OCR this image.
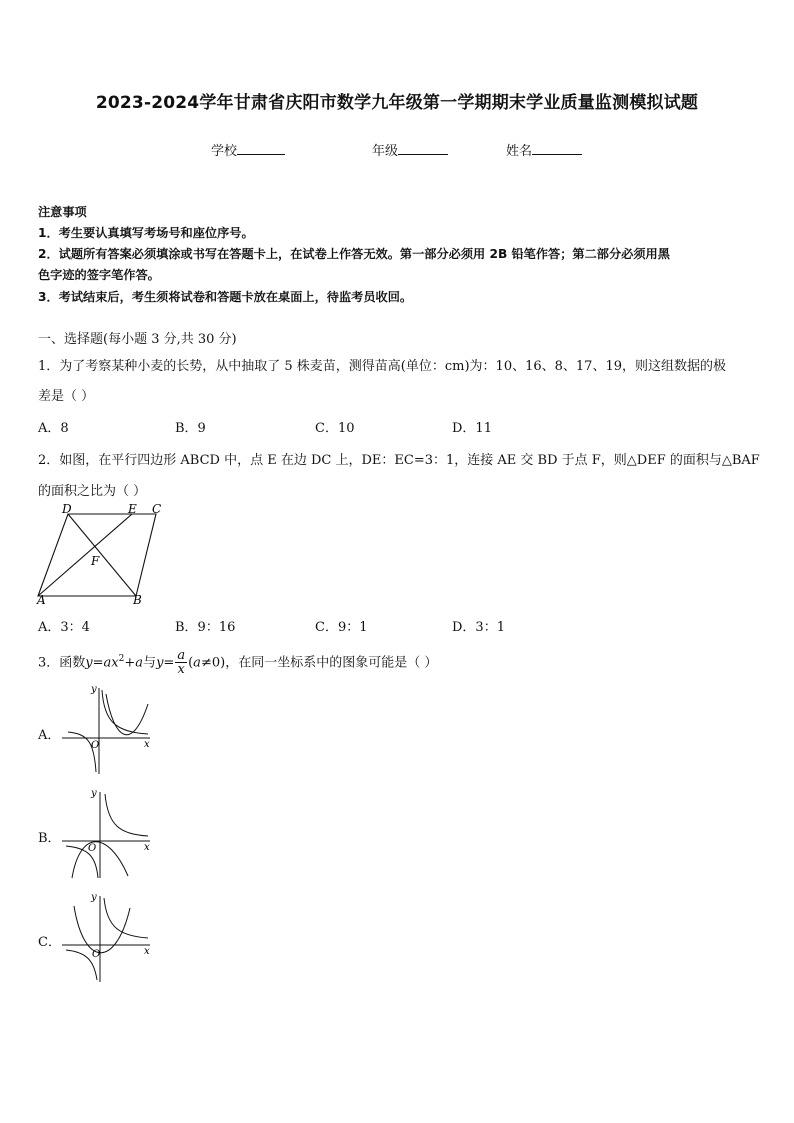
2023-2024学年甘肃省庆阳市数学九年级第一学期期末学业质量监测模拟试题
学校	年级	姓名
注意事项
1．考生要认真填写考场号和座位序号。
2．试题所有答案必须填涂或书写在答题卡上，在试卷上作答无效。第一部分必须用 2B 铅笔作答；第二部分必须用黑
色字迹的签字笔作答。
3．考试结束后，考生须将试卷和答题卡放在桌面上，待监考员收回。
一、选择题(每小题 3 分,共 30 分)
1．为了考察某种小麦的长势，从中抽取了 5 株麦苗，测得苗高(单位：cm)为：10、16、8、17、19，则这组数据的极
差是（ ）
A．8	B．9	C．10	D．11
2．如图，在平行四边形 ABCD 中，点 E 在边 DC 上，DE：EC=3：1，连接 AE 交 BD 于点 F，则△DEF 的面积与△BAF
的面积之比为（ ）
D	E C
F
A	B
A．3：4	B．9：16	C．9：1	D．3：1
3．函数$y=ax^2+a$与$y= \frac{a}{x} (a\ne 0)$，在同一坐标系中的图象可能是（ ）
A．
y
x
O
B．
y
x
O
C．
y
x
O
